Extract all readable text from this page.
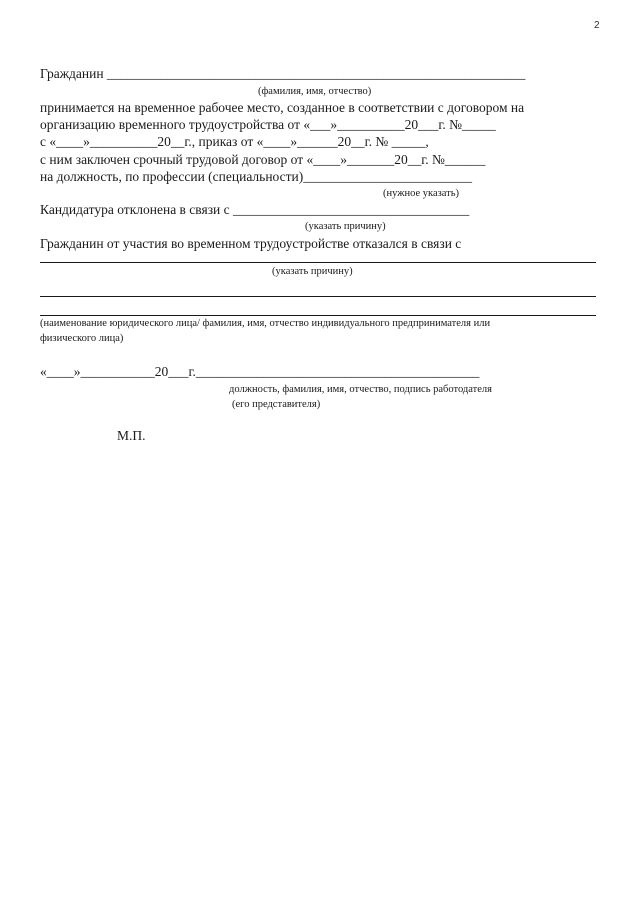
2
Гражданин ______________________________________________________________
(фамилия, имя, отчество)
принимается на временное рабочее место, созданное в соответствии с договором на
организацию временного трудоустройства от «___»__________20___г. №_____
с «____»__________20__г., приказ от «____»______20__г. № _____,
с ним заключен срочный трудовой договор от «____»_______20__г. №______
на должность, по профессии (специальности)_________________________
(нужное указать)
Кандидатура отклонена в связи с ___________________________________
(указать причину)
Гражданин от участия во временном трудоустройстве отказался в связи с
(указать причину)
(наименование юридического лица/ фамилия, имя, отчество индивидуального предпринимателя или
физического лица)
«____»___________20___г.__________________________________________
должность, фамилия, имя, отчество, подпись работодателя
(его представителя)
М.П.
